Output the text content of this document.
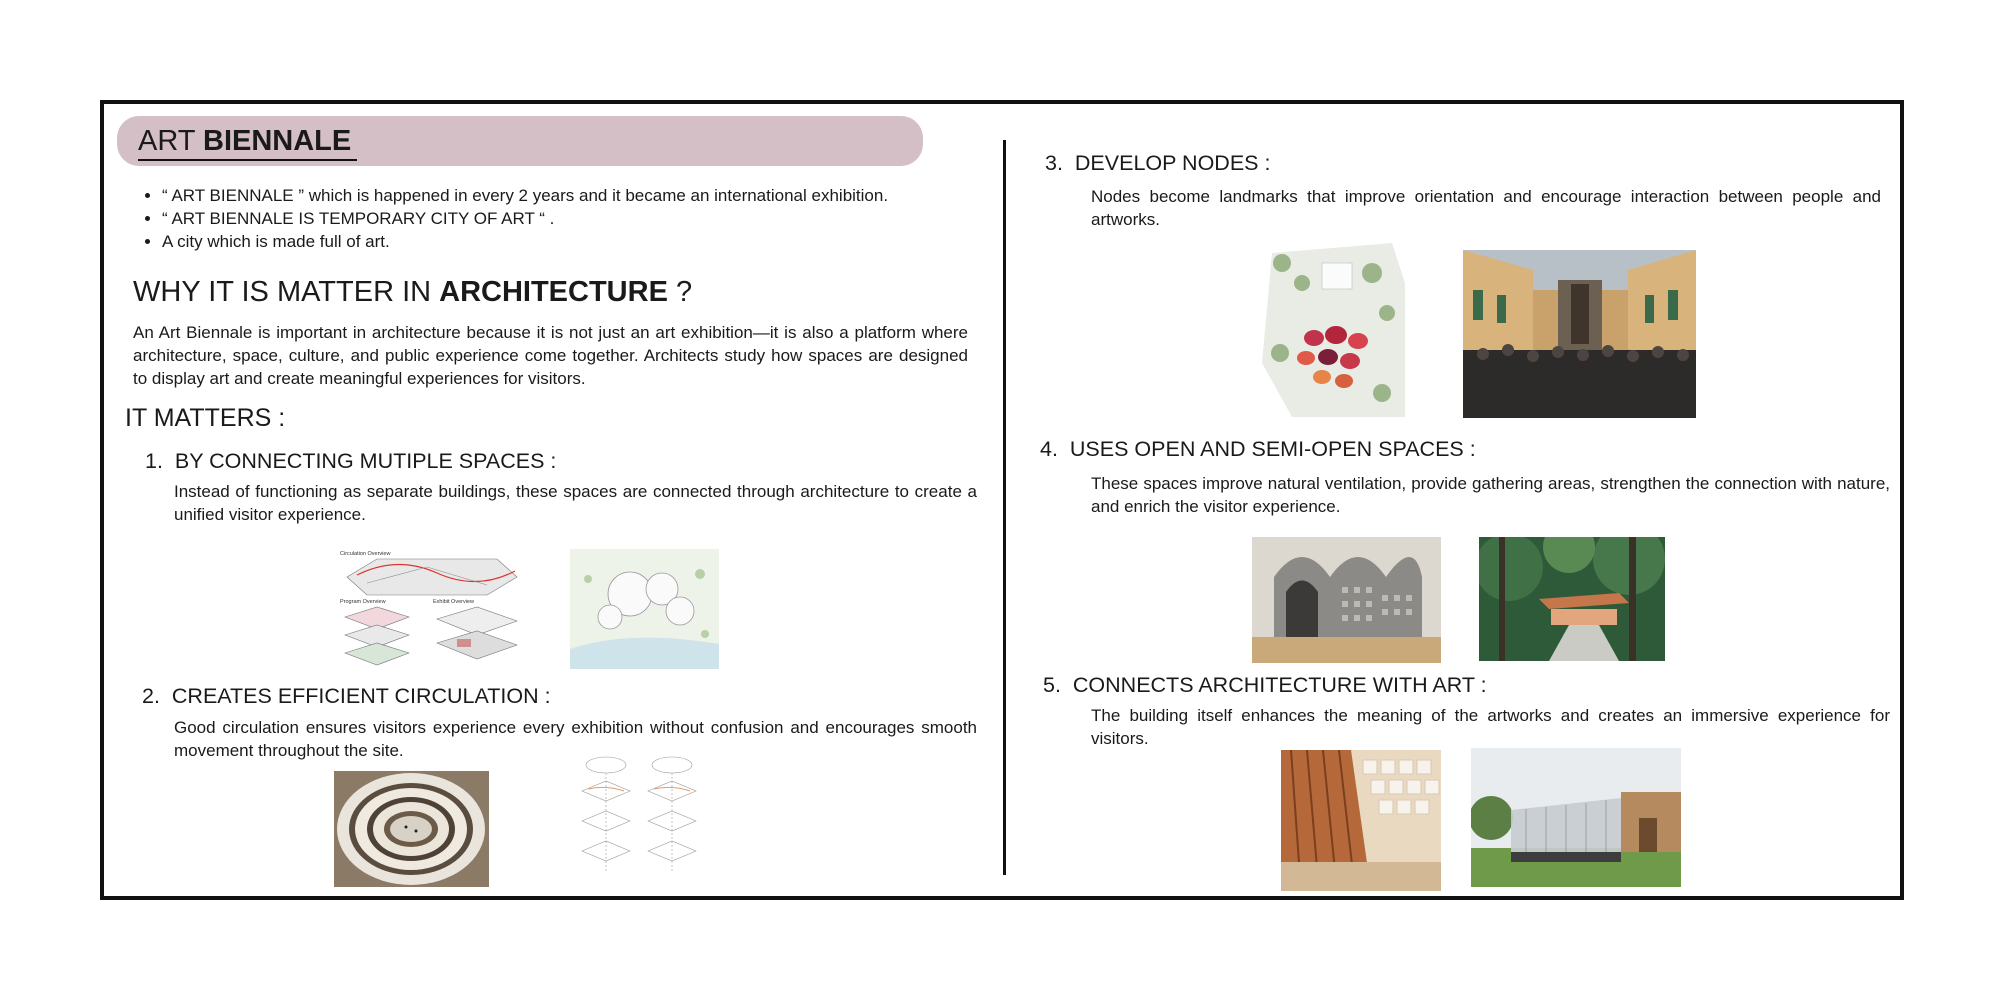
ART BIENNALE
• “ ART BIENNALE ” which is happened in every 2 years and it became an international exhibition.
• “ ART BIENNALE IS TEMPORARY CITY OF ART “ .
• A city which is made full of art.
WHY IT IS MATTER IN ARCHITECTURE ?

An Art Biennale is important in architecture because it is not just an art exhibition—it is also a platform where architecture, space, culture, and public experience come together. Architects study how spaces are designed to display art and create meaningful experiences for visitors.

IT MATTERS :
1. BY CONNECTING MUTIPLE SPACES :

Instead of functioning as separate buildings, these spaces are connected through architecture to create a unified visitor experience.

Circulation Overview
Program Overview	Exhibit Overview
2. CREATES EFFICIENT CIRCULATION :

Good circulation ensures visitors experience every exhibition without confusion and encourages smooth movement throughout the site.

3. DEVELOP NODES :

Nodes become landmarks that improve orientation and encourage interaction between people and artworks.

4. USES OPEN AND SEMI-OPEN SPACES :

These spaces improve natural ventilation, provide gathering areas, strengthen the connection with nature, and enrich the visitor experience.

5. CONNECTS ARCHITECTURE WITH ART :

The building itself enhances the meaning of the artworks and creates an immersive experience for visitors.
